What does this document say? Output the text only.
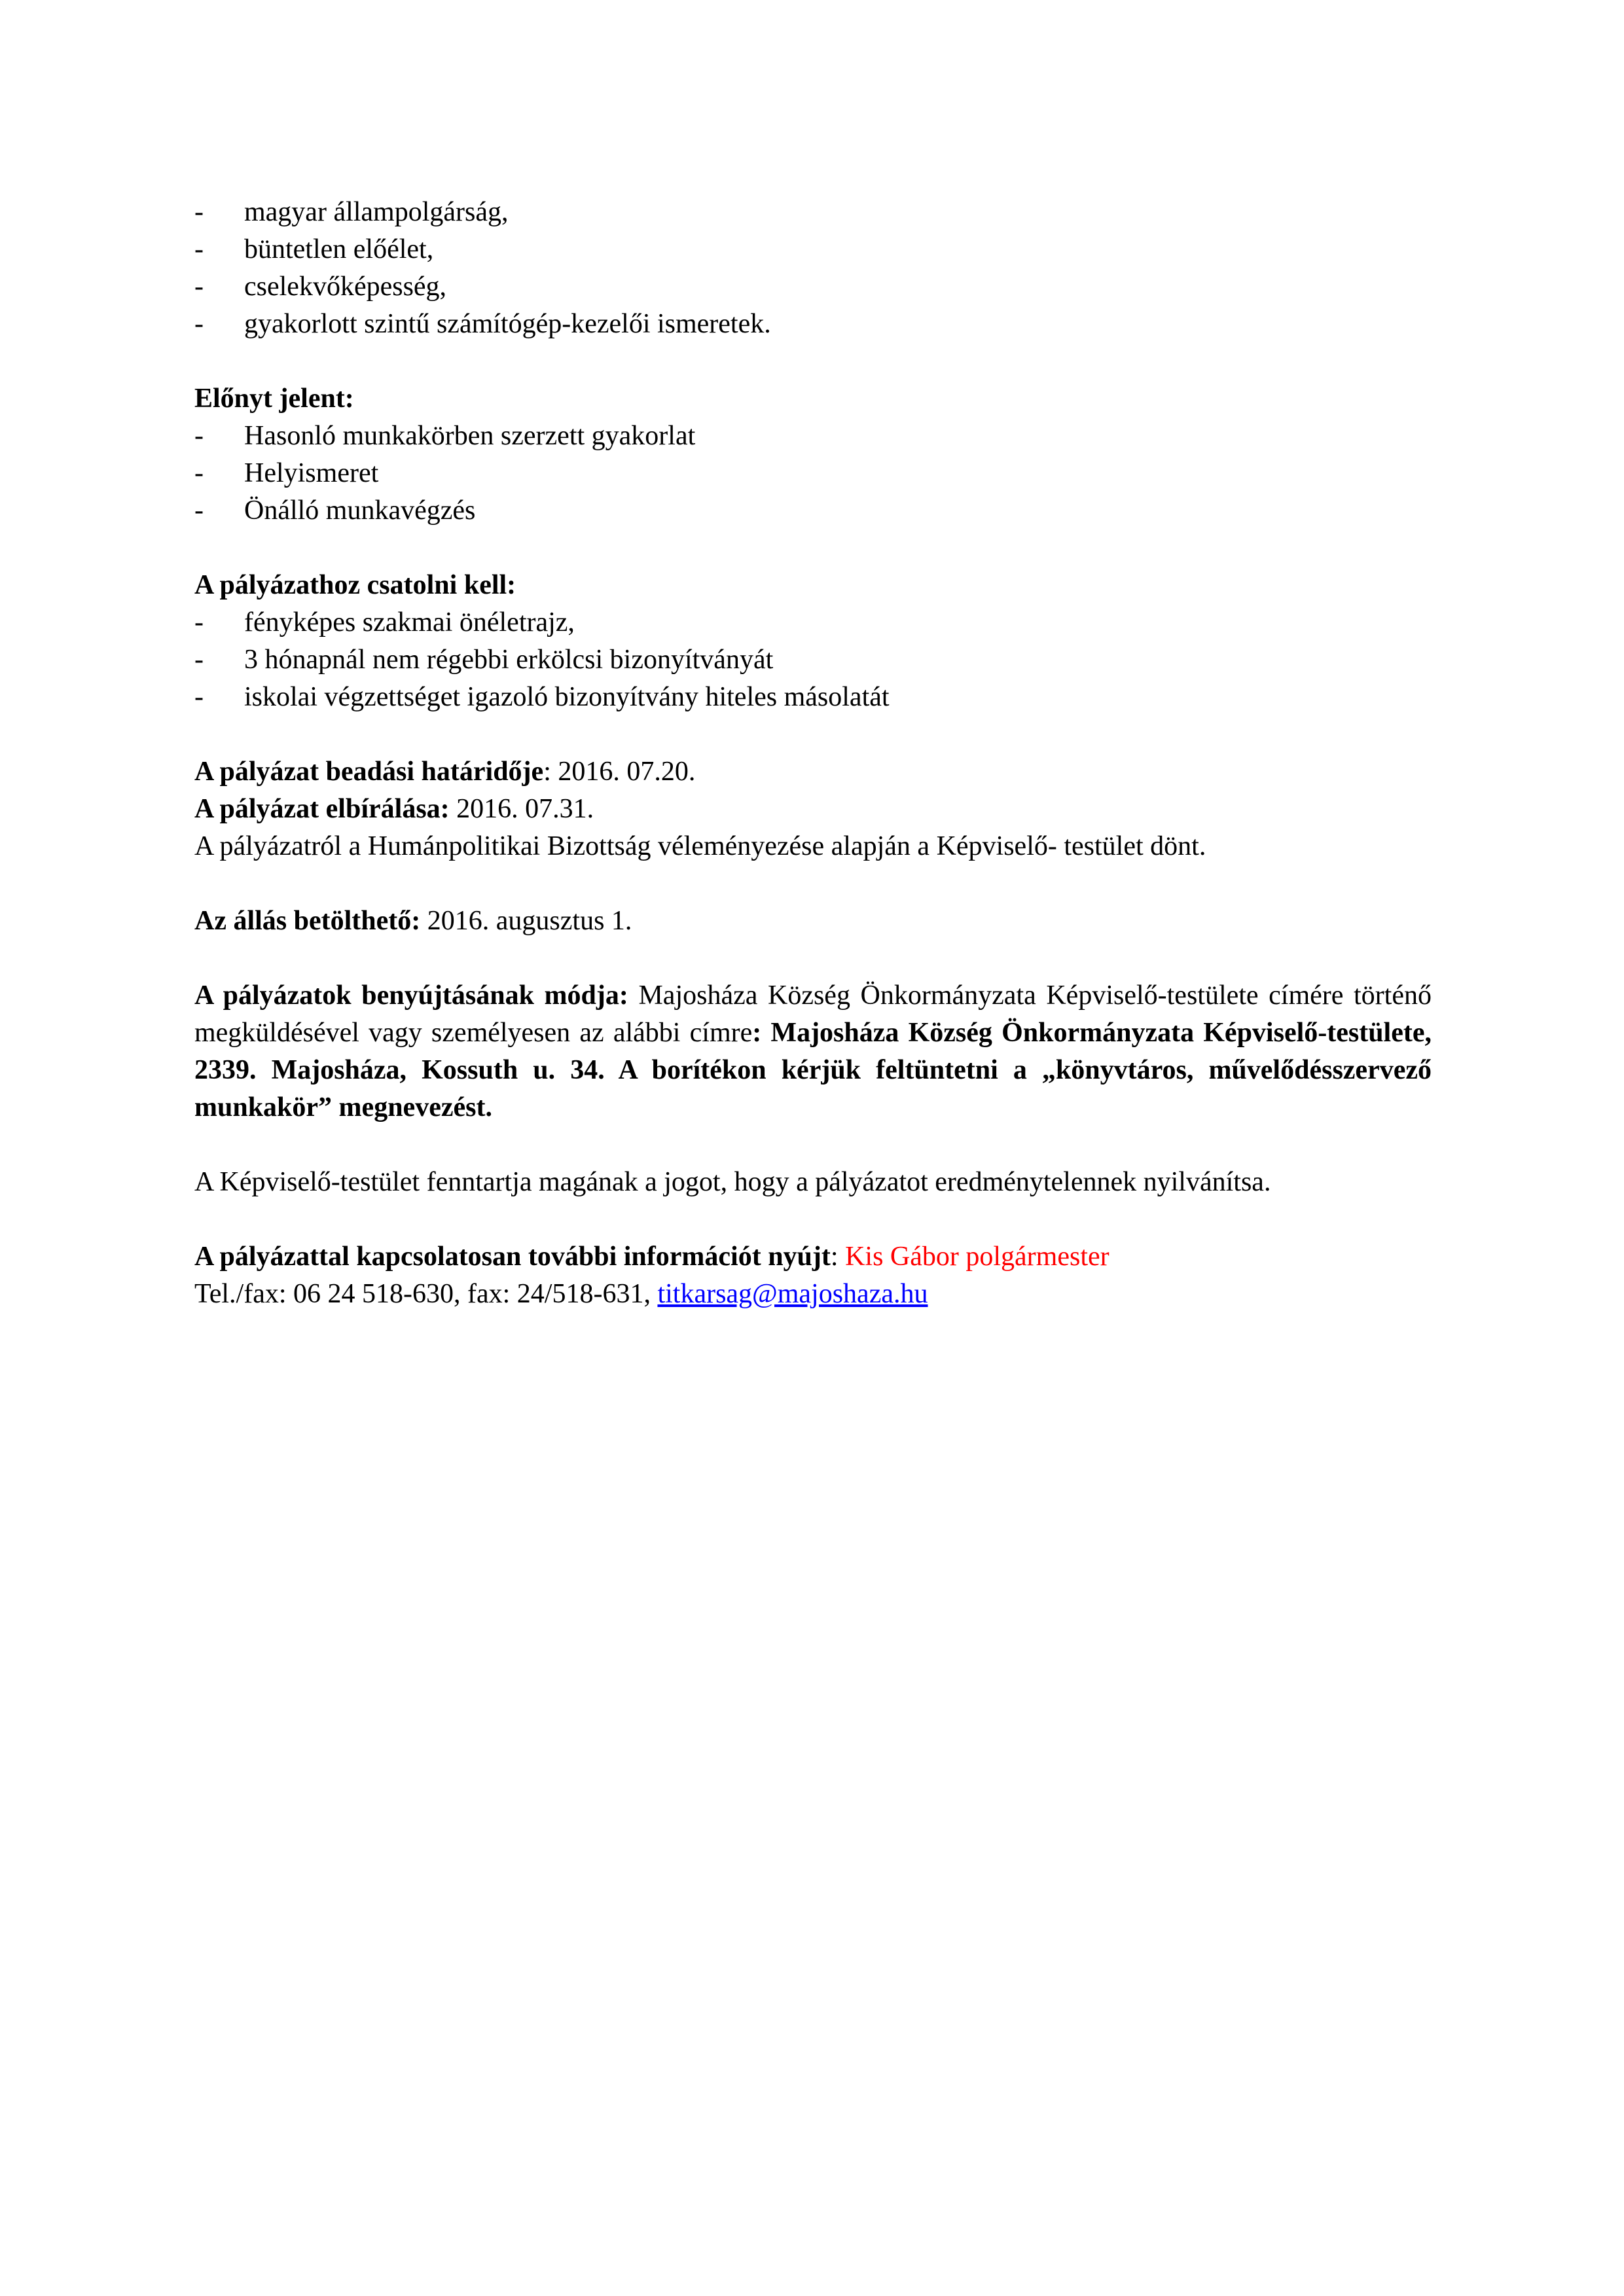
- magyar állampolgárság,
- büntetlen előélet,
- cselekvőképesség,
- gyakorlott szintű számítógép-kezelői ismeretek.

Előnyt jelent:

- Hasonló munkakörben szerzett gyakorlat
- Helyismeret
- Önálló munkavégzés

A pályázathoz csatolni kell:

- fényképes szakmai önéletrajz,
- 3 hónapnál nem régebbi erkölcsi bizonyítványát
- iskolai végzettséget igazoló bizonyítvány hiteles másolatát

A pályázat beadási határidője: 2016. 07.20.

A pályázat elbírálása: 2016. 07.31.

A pályázatról a Humánpolitikai Bizottság véleményezése alapján a Képviselő- testület dönt.

Az állás betölthető: 2016. augusztus 1.

A pályázatok benyújtásának módja: Majosháza Község Önkormányzata Képviselő-testülete címére történő megküldésével vagy személyesen az alábbi címre: Majosháza Község Önkormányzata Képviselő-testülete, 2339. Majosháza, Kossuth u. 34. A borítékon kérjük feltüntetni a „könyvtáros, művelődésszervező munkakör” megnevezést.

A Képviselő-testület fenntartja magának a jogot, hogy a pályázatot eredménytelennek nyilvánítsa.

A pályázattal kapcsolatosan további információt nyújt: Kis Gábor polgármester

Tel./fax: 06 24 518-630, fax: 24/518-631, titkarsag@majoshaza.hu
